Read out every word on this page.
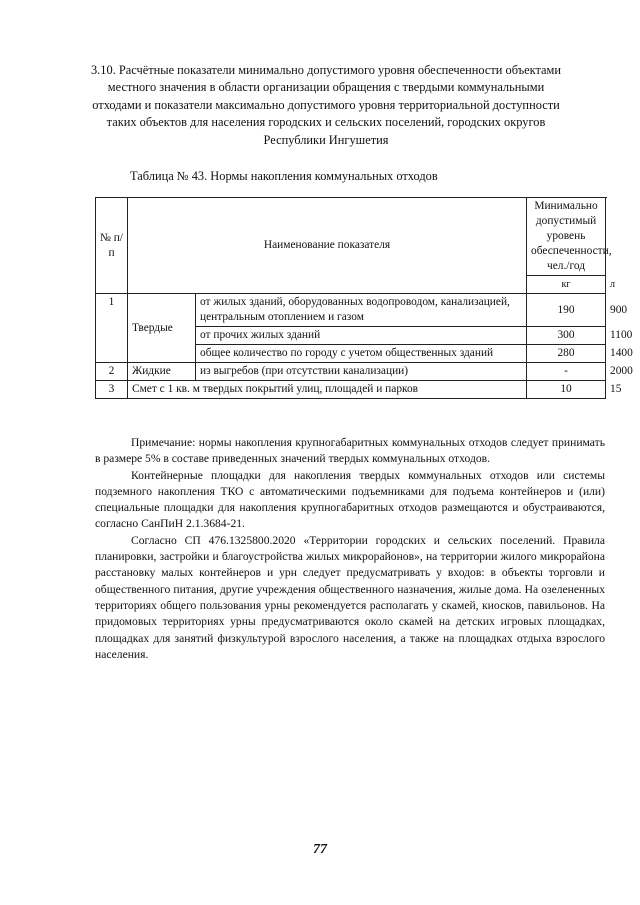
3.10. Расчётные показатели минимально допустимого уровня обеспеченности объектами местного значения в области организации обращения с твердыми коммунальными отходами и показатели максимально допустимого уровня территориальной доступности таких объектов для населения городских и сельских поселений, городских округов Республики Ингушетия
Таблица № 43. Нормы накопления коммунальных отходов
№ п/п	Наименование показателя		Минимально допустимый уровень обеспеченности, чел./год	
			кг	л
1	Твердые	от жилых зданий, оборудованных водопроводом, канализацией, центральным отоплением и газом	190	900
		от прочих жилых зданий	300	1100
		общее количество по городу с учетом общественных зданий	280	1400
2	Жидкие	из выгребов (при отсутствии канализации)	-	2000
3	Смет с 1 кв. м твердых покрытий улиц, площадей и парков		10	15

Примечание: нормы накопления крупногабаритных коммунальных отходов следует принимать в размере 5% в составе приведенных значений твердых коммунальных отходов.

Контейнерные площадки для накопления твердых коммунальных отходов или системы подземного накопления ТКО с автоматическими подъемниками для подъема контейнеров и (или) специальные площадки для накопления крупногабаритных отходов размещаются и обустраиваются, согласно СанПиН 2.1.3684-21.

Согласно СП 476.1325800.2020 «Территории городских и сельских поселений. Правила планировки, застройки и благоустройства жилых микрорайонов», на территории жилого микрорайона расстановку малых контейнеров и урн следует предусматривать у входов: в объекты торговли и общественного питания, другие учреждения общественного назначения, жилые дома. На озелененных территориях общего пользования урны рекомендуется располагать у скамей, киосков, павильонов. На придомовых территориях урны предусматриваются около скамей на детских игровых площадках, площадках для занятий физкультурой взрослого населения, а также на площадках отдыха взрослого населения.

77
